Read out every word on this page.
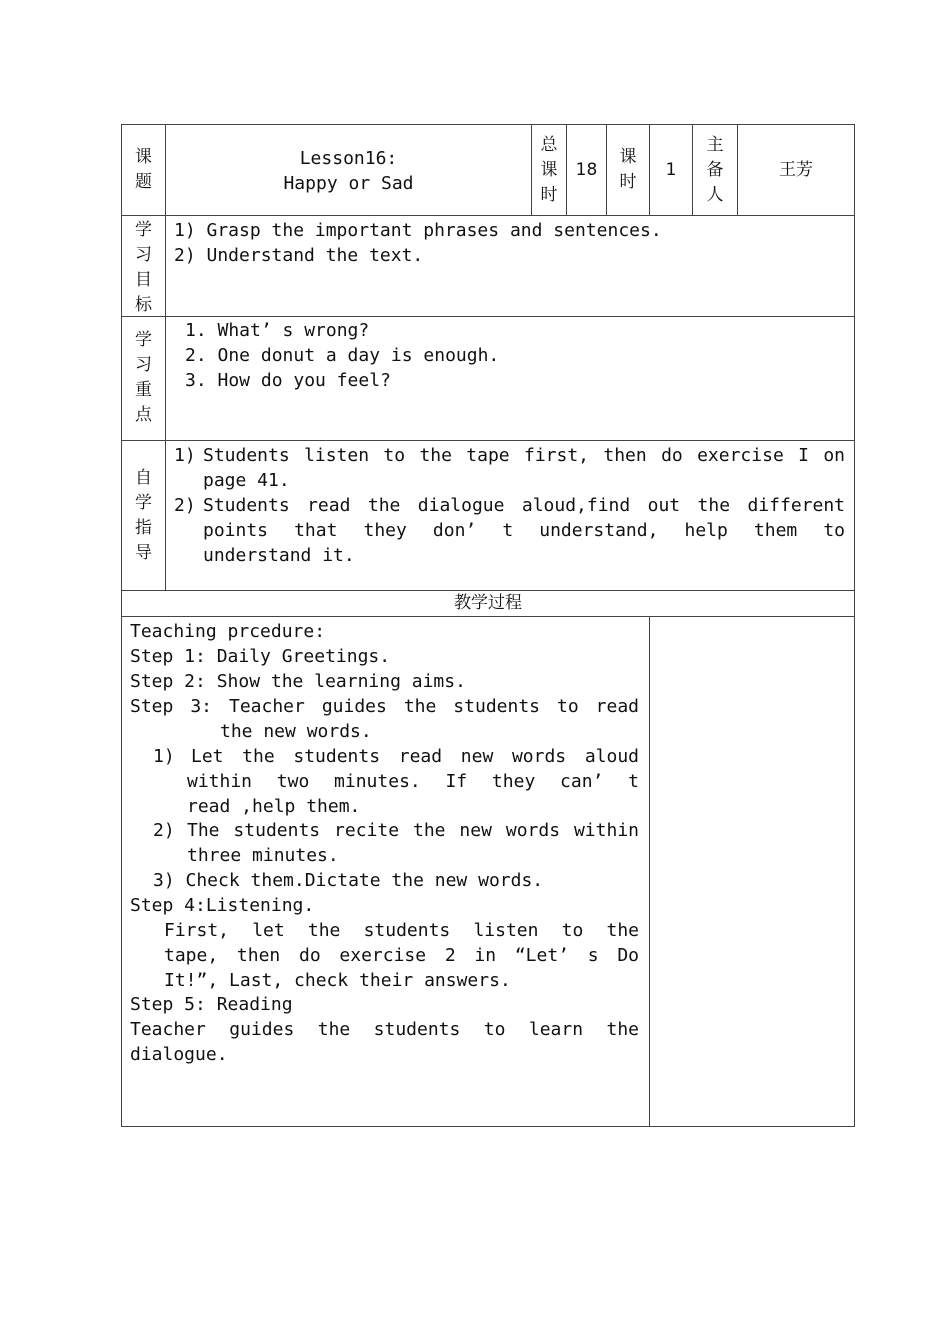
课
题
Lesson16:
Happy or Sad
总
课
时
18
课
时
1
主
备
人
王芳
学
习
目
标
1) Grasp the important phrases and sentences.
2) Understand the text.
学
习
重
点
1. What’ s wrong?
2. One donut a day is enough.
3. How do you feel?
自
学
指
导
1) Students listen to the tape first, then do exercise I on
page 41.
2) Students read the dialogue aloud,find out the different
points that they don’ t understand, help them to
understand it.
教学过程
Teaching prcedure:
Step 1: Daily Greetings.
Step 2: Show the learning aims.
Step 3: Teacher guides the students to read
the new words.
1) Let the students read new words aloud
within two minutes. If they can’ t
read ,help them.
2) The students recite the new words within
three minutes.
3) Check them.Dictate the new words.
Step 4:Listening.
First, let the students listen to the
tape, then do exercise 2 in “Let’ s Do
It!”, Last, check their answers.
Step 5: Reading
Teacher guides the students to learn the
dialogue.
